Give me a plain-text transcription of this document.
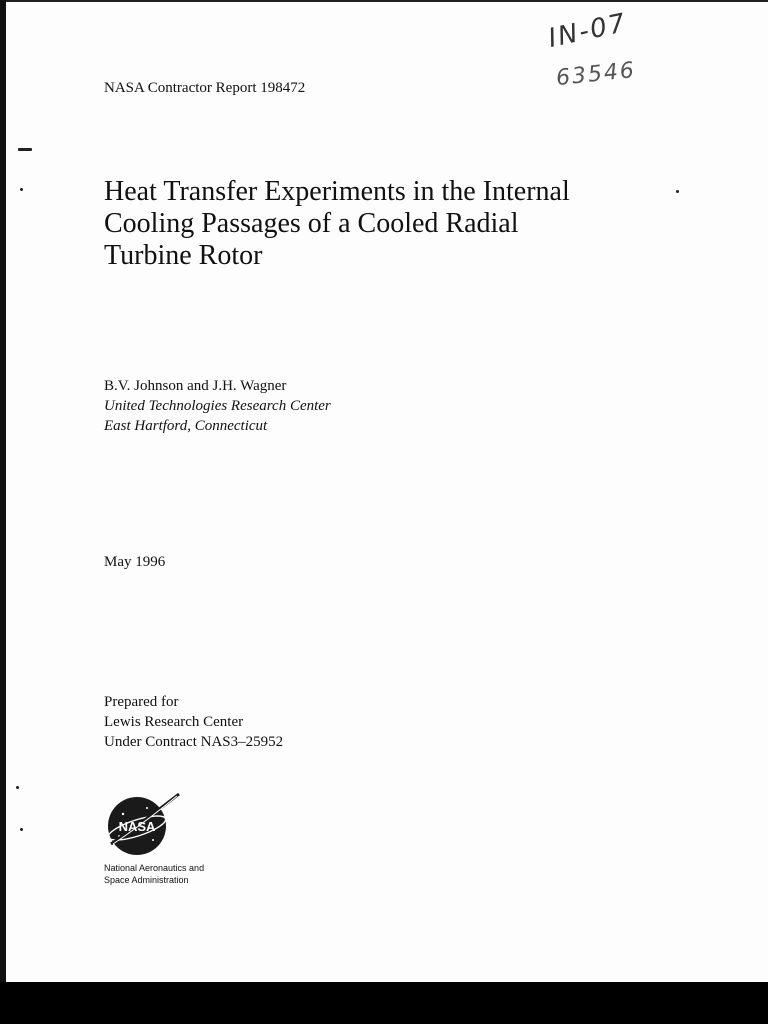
NASA Contractor Report 198472
IN-07
63546
Heat Transfer Experiments in the Internal
Cooling Passages of a Cooled Radial
Turbine Rotor
B.V. Johnson and J.H. Wagner
United Technologies Research Center
East Hartford, Connecticut
May 1996
Prepared for
Lewis Research Center
Under Contract NAS3–25952
NASA
National Aeronautics and
Space Administration
